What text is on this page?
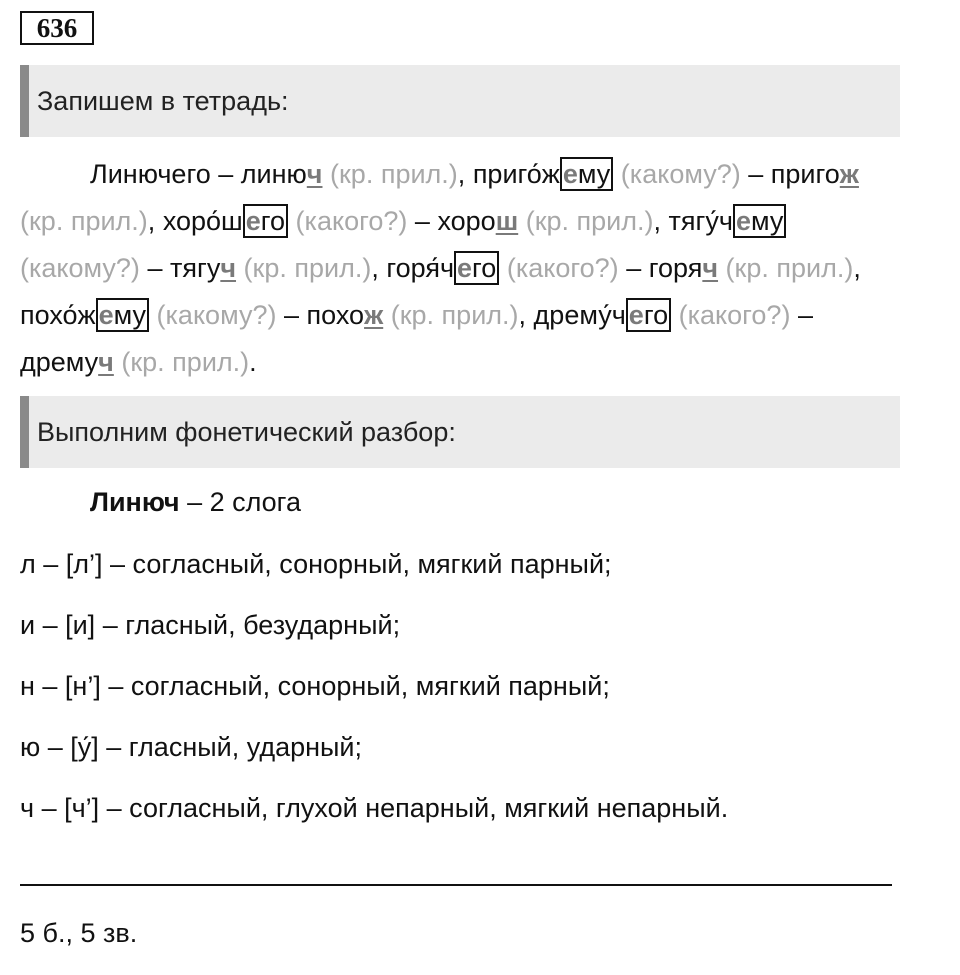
636
Запишем в тетрадь:
Линючего – линюч (кр. прил.), приго́ж ему (какому?) – пригож (кр. прил.), хоро́ш его (какого?) – хорош (кр. прил.), тягу́ч ему (какому?) – тягуч (кр. прил.), горя́ч его (какого?) – горяч (кр. прил.), похо́ж ему (какому?) – похож (кр. прил.), дрему́ч его (какого?) – дремуч (кр. прил.).
Выполним фонетический разбор:
Линюч – 2 слога
л – [л’] – согласный, сонорный, мягкий парный;
и – [и] – гласный, безударный;
н – [н’] – согласный, сонорный, мягкий парный;
ю – [у́] – гласный, ударный;
ч – [ч’] – согласный, глухой непарный, мягкий непарный.
5 б., 5 зв.
